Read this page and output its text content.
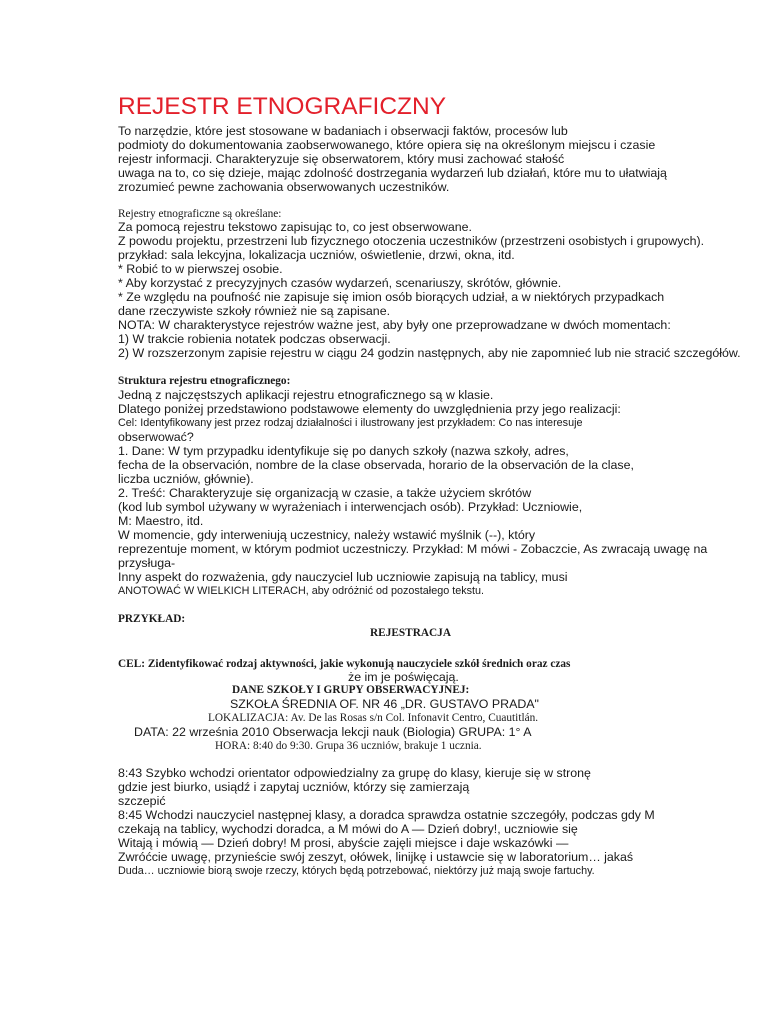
REJESTR ETNOGRAFICZNY
To narzędzie, które jest stosowane w badaniach i obserwacji faktów, procesów lub
podmioty do dokumentowania zaobserwowanego, które opiera się na określonym miejscu i czasie
rejestr informacji. Charakteryzuje się obserwatorem, który musi zachować stałość
uwaga na to, co się dzieje, mając zdolność dostrzegania wydarzeń lub działań, które mu to ułatwiają
zrozumieć pewne zachowania obserwowanych uczestników.
Rejestry etnograficzne są określane:
Za pomocą rejestru tekstowo zapisując to, co jest obserwowane.
Z powodu projektu, przestrzeni lub fizycznego otoczenia uczestników (przestrzeni osobistych i grupowych).
przykład: sala lekcyjna, lokalizacja uczniów, oświetlenie, drzwi, okna, itd.
* Robić to w pierwszej osobie.
* Aby korzystać z precyzyjnych czasów wydarzeń, scenariuszy, skrótów, głównie.
* Ze względu na poufność nie zapisuje się imion osób biorących udział, a w niektórych przypadkach
dane rzeczywiste szkoły również nie są zapisane.
NOTA: W charakterystyce rejestrów ważne jest, aby były one przeprowadzane w dwóch momentach:
1) W trakcie robienia notatek podczas obserwacji.
2) W rozszerzonym zapisie rejestru w ciągu 24 godzin następnych, aby nie zapomnieć lub nie stracić szczegółów.
Struktura rejestru etnograficznego:
Jedną z najczęstszych aplikacji rejestru etnograficznego są w klasie.
Dlatego poniżej przedstawiono podstawowe elementy do uwzględnienia przy jego realizacji:
Cel: Identyfikowany jest przez rodzaj działalności i ilustrowany jest przykładem: Co nas interesuje
obserwować?
1. Dane: W tym przypadku identyfikuje się po danych szkoły (nazwa szkoły, adres,
fecha de la observación, nombre de la clase observada, horario de la observación de la clase,
liczba uczniów, głównie).
2. Treść: Charakteryzuje się organizacją w czasie, a także użyciem skrótów
(kod lub symbol używany w wyrażeniach i interwencjach osób). Przykład: Uczniowie,
M: Maestro, itd.
W momencie, gdy interweniują uczestnicy, należy wstawić myślnik (--), który
reprezentuje moment, w którym podmiot uczestniczy. Przykład: M mówi - Zobaczcie, As zwracają uwagę na
przysługa-
Inny aspekt do rozważenia, gdy nauczyciel lub uczniowie zapisują na tablicy, musi
ANOTOWAĆ W WIELKICH LITERACH, aby odróżnić od pozostałego tekstu.
PRZYKŁAD:
REJESTRACJA
CEL: Zidentyfikować rodzaj aktywności, jakie wykonują nauczyciele szkół średnich oraz czas
że im je poświęcają.
DANE SZKOŁY I GRUPY OBSERWACYJNEJ:
SZKOŁA ŚREDNIA OF. NR 46 „DR. GUSTAVO PRADA"
LOKALIZACJA: Av. De las Rosas s/n Col. Infonavit Centro, Cuautitlán.
DATA: 22 września 2010 Obserwacja lekcji nauk (Biologia) GRUPA: 1° A
HORA: 8:40 do 9:30. Grupa 36 uczniów, brakuje 1 ucznia.
8:43 Szybko wchodzi orientator odpowiedzialny za grupę do klasy, kieruje się w stronę
gdzie jest biurko, usiądź i zapytaj uczniów, którzy się zamierzają
szczepić
8:45 Wchodzi nauczyciel następnej klasy, a doradca sprawdza ostatnie szczegóły, podczas gdy M
czekają na tablicy, wychodzi doradca, a M mówi do A — Dzień dobry!, uczniowie się
Witają i mówią — Dzień dobry! M prosi, abyście zajęli miejsce i daje wskazówki —
Zwróćcie uwagę, przynieście swój zeszyt, ołówek, linijkę i ustawcie się w laboratorium… jakaś
Duda… uczniowie biorą swoje rzeczy, których będą potrzebować, niektórzy już mają swoje fartuchy.
